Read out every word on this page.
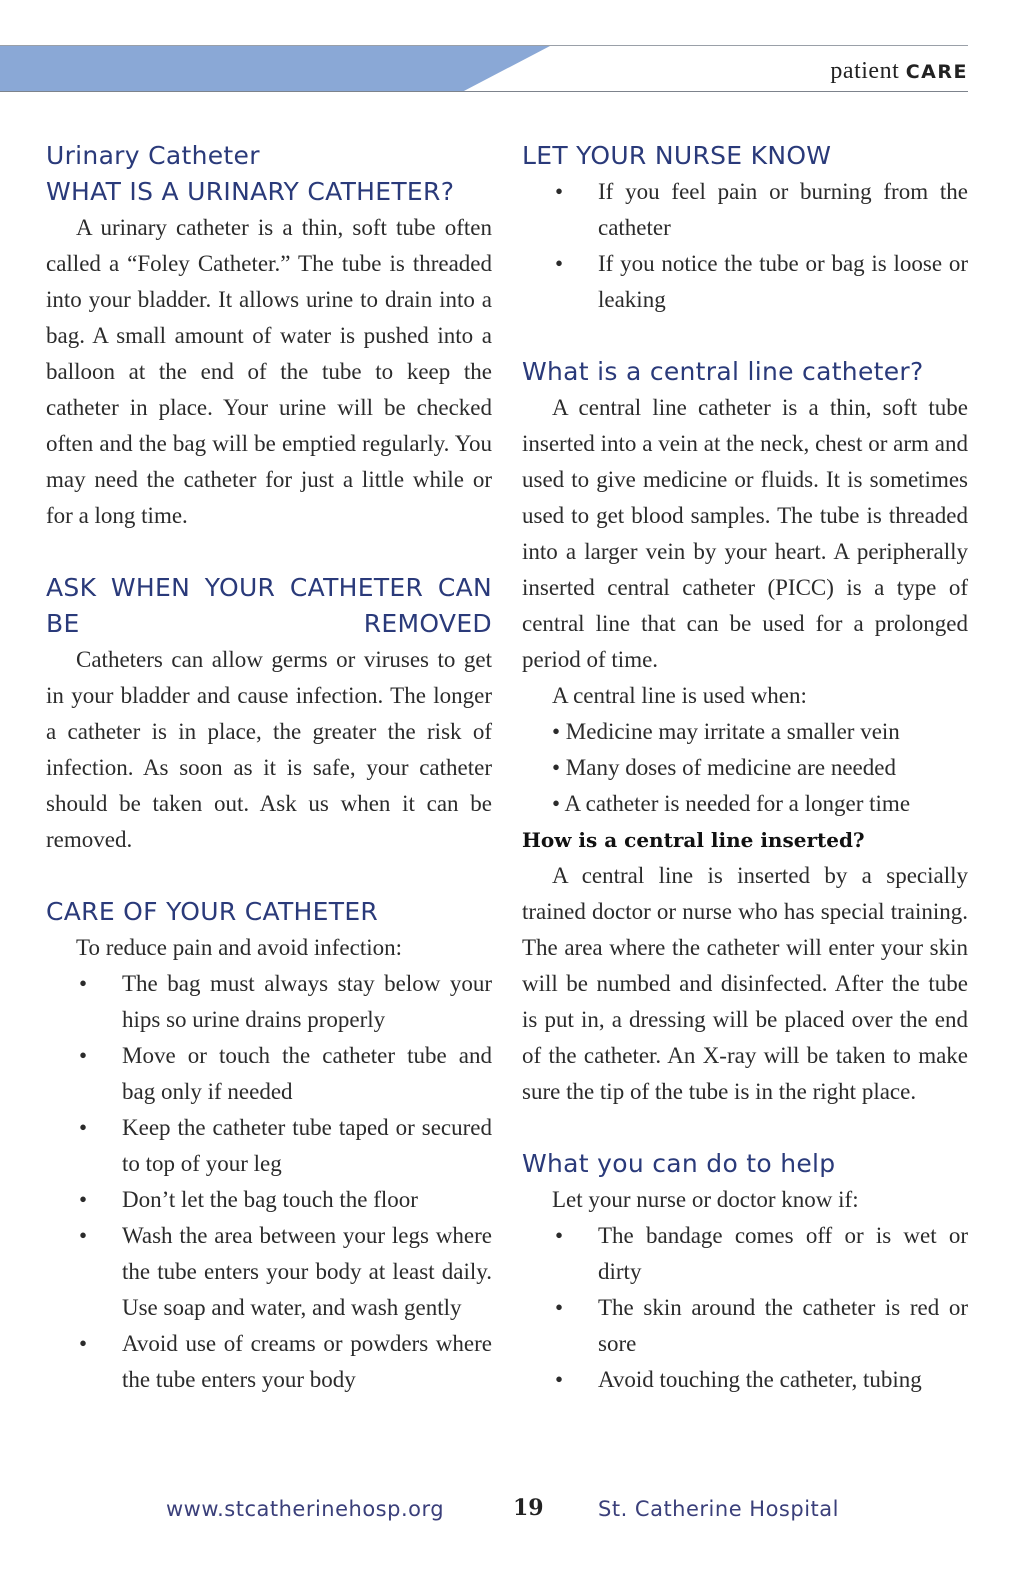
patient CARE
Urinary Catheter
WHAT IS A URINARY CATHETER?

A urinary catheter is a thin, soft tube often called a “Foley Catheter.” The tube is threaded into your bladder. It allows urine to drain into a bag. A small amount of water is pushed into a balloon at the end of the tube to keep the catheter in place. Your urine will be checked often and the bag will be emptied regularly. You may need the catheter for just a little while or for a long time.

ASK WHEN YOUR CATHETER CAN BE REMOVED

Catheters can allow germs or viruses to get in your bladder and cause infection. The longer a catheter is in place, the greater the risk of infection. As soon as it is safe, your catheter should be taken out. Ask us when it can be removed.

CARE OF YOUR CATHETER

To reduce pain and avoid infection:

• The bag must always stay below your hips so urine drains properly
• Move or touch the catheter tube and bag only if needed
• Keep the catheter tube taped or secured to top of your leg
• Don’t let the bag touch the floor
• Wash the area between your legs where the tube enters your body at least daily. Use soap and water, and wash gently
• Avoid use of creams or powders where the tube enters your body
LET YOUR NURSE KNOW
• If you feel pain or burning from the catheter
• If you notice the tube or bag is loose or leaking
What is a central line catheter?

A central line catheter is a thin, soft tube inserted into a vein at the neck, chest or arm and used to give medicine or fluids. It is sometimes used to get blood samples. The tube is threaded into a larger vein by your heart. A peripherally inserted central catheter (PICC) is a type of central line that can be used for a prolonged period of time.

A central line is used when:

• Medicine may irritate a smaller vein
• Many doses of medicine are needed
• A catheter is needed for a longer time

How is a central line inserted?

A central line is inserted by a specially trained doctor or nurse who has special training. The area where the catheter will enter your skin will be numbed and disinfected. After the tube is put in, a dressing will be placed over the end of the catheter. An X-ray will be taken to make sure the tip of the tube is in the right place.

What you can do to help

Let your nurse or doctor know if:

• The bandage comes off or is wet or dirty
• The skin around the catheter is red or sore
• Avoid touching the catheter, tubing
www.stcatherinehosp.org	19	St. Catherine Hospital
